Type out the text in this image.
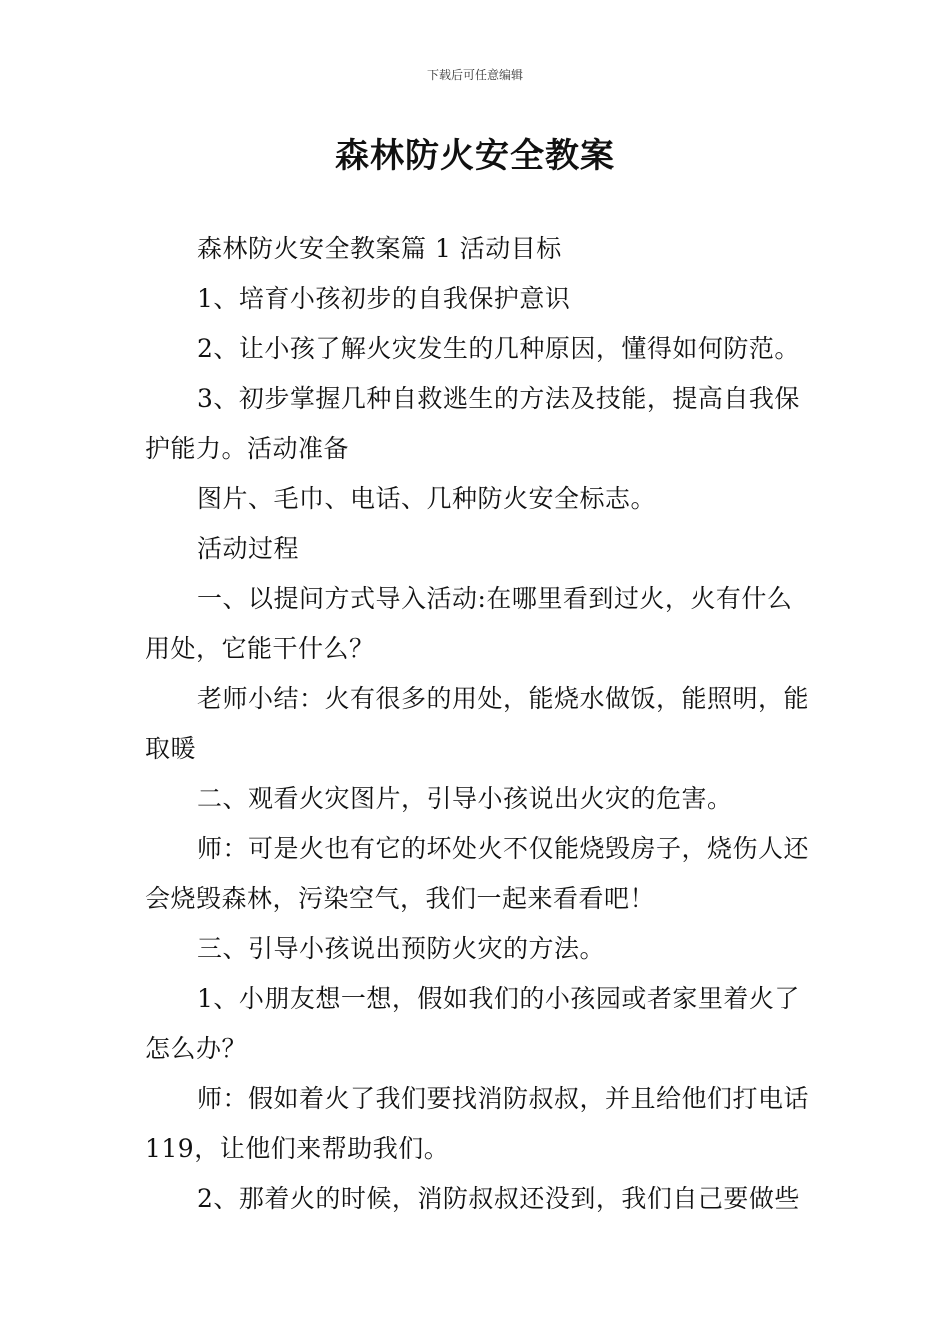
下载后可任意编辑
森林防火安全教案

森林防火安全教案篇 1 活动目标

1、培育小孩初步的自我保护意识

2、让小孩了解火灾发生的几种原因，懂得如何防范。

3、初步掌握几种自救逃生的方法及技能，提高自我保护能力。活动准备

图片、毛巾、电话、几种防火安全标志。

活动过程

一、以提问方式导入活动:在哪里看到过火，火有什么用处，它能干什么？

老师小结：火有很多的用处，能烧水做饭，能照明，能取暖

二、观看火灾图片，引导小孩说出火灾的危害。

师：可是火也有它的坏处火不仅能烧毁房子，烧伤人还会烧毁森林，污染空气，我们一起来看看吧！

三、引导小孩说出预防火灾的方法。

1、小朋友想一想，假如我们的小孩园或者家里着火了怎么办？

师：假如着火了我们要找消防叔叔，并且给他们打电话 119，让他们来帮助我们。

2、那着火的时候，消防叔叔还没到，我们自己要做些
